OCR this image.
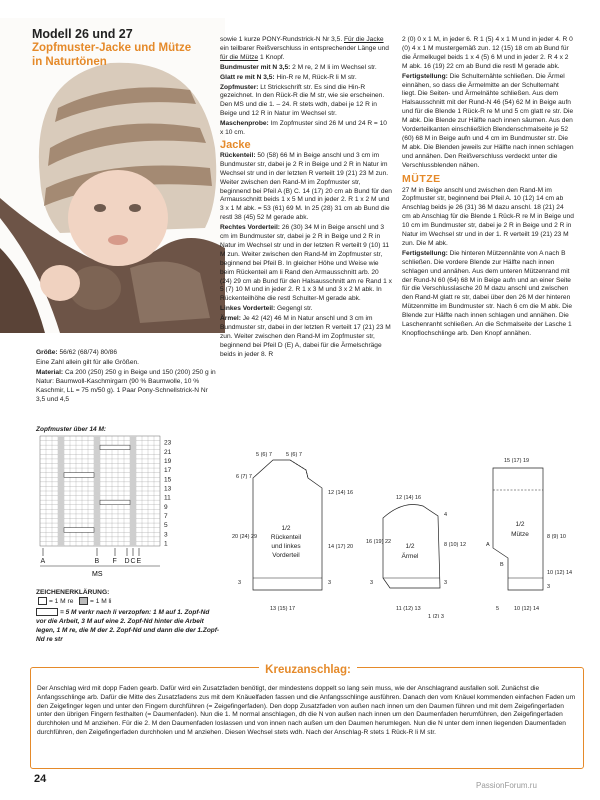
Modell 26 und 27
Zopfmuster-Jacke und Mütze in Naturtönen

Größe: 56/62 (68/74) 80/86

Eine Zahl allein gilt für alle Größen.

Material: Ca 200 (250) 250 g in Beige und 150 (200) 250 g in Natur: Baumwoll-Kaschmirgarn (90 % Baumwolle, 10 % Kaschmir, LL = 75 m/50 g). 1 Paar Pony-Schnellstrick-N Nr 3,5 und 4,5

Zopfmuster über 14 M:
23
21
19
17
15
13
11
9
7
5
3
1
A	B F D C E
MS
ZEICHENERKLÄRUNG:
= 1 M re	= 1 M li
= 5 M verkr nach li verzopfen: 1 M auf 1. Zopf-Nd vor die Arbeit, 3 M auf eine 2. Zopf-Nd hinter die Arbeit legen, 1 M re, die M der 2. Zopf-Nd und dann die der 1.Zopf-Nd re str

sowie 1 kurze PONY-Rundstrick-N Nr 3,5. Für die Jacke ein teilbarer Reißverschluss in entsprechender Länge und für die Mütze 1 Knopf.

Bundmuster mit N 3,5: 2 M re, 2 M li im Wechsel str.

Glatt re mit N 3,5: Hin-R re M, Rück-R li M str.

Zopfmuster: Lt Strickschrift str. Es sind die Hin-R gezeichnet. In den Rück-R die M str, wie sie erscheinen. Den MS und die 1. – 24. R stets wdh, dabei je 12 R in Beige und 12 R in Natur im Wechsel str.

Maschenprobe: Im Zopfmuster sind 26 M und 24 R = 10 x 10 cm.

Jacke

Rückenteil: 50 (58) 66 M in Beige anschl und 3 cm im Bundmuster str, dabei je 2 R in Beige und 2 R in Natur im Wechsel str und in der letzten R verteilt 19 (21) 23 M zun. Weiter zwischen den Rand-M im Zopfmuster str, beginnend bei Pfeil A (B) C. 14 (17) 20 cm ab Bund für den Armausschnitt beids 1 x 5 M und in jeder 2. R 1 x 2 M und 3 x 1 M abk. = 53 (61) 69 M. In 25 (28) 31 cm ab Bund die restl 38 (45) 52 M gerade abk.

Rechtes Vorderteil: 26 (30) 34 M in Beige anschl und 3 cm im Bundmuster str, dabei je 2 R in Beige und 2 R in Natur im Wechsel str und in der letzten R verteilt 9 (10) 11 M zun. Weiter zwischen den Rand-M im Zopfmuster str, beginnend bei Pfeil B. In gleicher Höhe und Weise wie beim Rückenteil am li Rand den Armausschnitt arb. 20 (24) 29 cm ab Bund für den Halsausschnitt am re Rand 1 x 5 (7) 10 M und in jeder 2. R 1 x 3 M und 3 x 2 M abk. In Rückenteilhöhe die restl Schulter-M gerade abk.

Linkes Vorderteil: Gegengl str.

Ärmel: Je 42 (42) 46 M in Natur anschl und 3 cm im Bundmuster str, dabei in der letzten R verteilt 17 (21) 23 M zun. Weiter zwischen den Rand-M im Zopfmuster str, beginnend bei Pfeil D (E) A, dabei für die Ärmelschräge beids in jeder 8. R

2 (0) 0 x 1 M, in jeder 6. R 1 (5) 4 x 1 M und in jeder 4. R 0 (0) 4 x 1 M mustergemäß zun. 12 (15) 18 cm ab Bund für die Ärmelkugel beids 1 x 4 (5) 6 M und in jeder 2. R 4 x 2 M abk. 16 (19) 22 cm ab Bund die restl M gerade abk.

Fertigstellung: Die Schulternähte schließen. Die Ärmel einnähen, so dass die Ärmelmitte an der Schulternaht liegt. Die Seiten- und Ärmelnähte schließen. Aus dem Halsausschnitt mit der Rund-N 46 (54) 62 M in Beige aufn und für die Blende 1 Rück-R re M und 5 cm glatt re str. Die M abk. Die Blende zur Hälfte nach innen säumen. Aus den Vorderteilkanten einschließlich Blendenschmalseite je 52 (60) 68 M in Beige aufn und 4 cm im Bundmuster str. Die M abk. Die Blenden jeweils zur Hälfte nach innen schlagen und annähen. Den Reißverschluss verdeckt unter die Verschlussblenden nähen.

MÜTZE

27 M in Beige anschl und zwischen den Rand-M im Zopfmuster str, beginnend bei Pfeil A. 10 (12) 14 cm ab Anschlag beids je 26 (31) 36 M dazu anschl. 18 (21) 24 cm ab Anschlag für die Blende 1 Rück-R re M in Beige und 10 cm im Bundmuster str, dabei je 2 R in Beige und 2 R in Natur im Wechsel str und in der 1. R verteilt 19 (21) 23 M zun. Die M abk.

Fertigstellung: Die hinteren Mützennähte von A nach B schließen. Die vordere Blende zur Hälfte nach innen schlagen und annähen. Aus dem unteren Mützenrand mit der Rund-N 60 (64) 68 M in Beige aufn und an einer Seite für die Verschlusslasche 20 M dazu anschl und zwischen den Rand-M glatt re str, dabei über den 26 M der hinteren Mützenmitte im Bundmuster str. Nach 6 cm die M abk. Die Blende zur Hälfte nach innen schlagen und annähen. Die Laschenranht schließen. An die Schmalseite der Lasche 1 Knopflochschlinge arb. Den Knopf annähen.

5 (6) 7	5 (6) 7
6 (7) 7
20 (24) 29
3
12 (14) 16
14 (17) 20
3
1/2
Rückenteil
und linkes
Vorderteil
13 (15) 17
12 (14) 16
16 (19) 22
3
4
8 (10) 12
3
1/2
Ärmel
11 (12) 13
1 (2) 3
15 (17) 19
A
B
8 (9) 10
10 (12) 14
3
1/2
Mütze
5	10 (12) 14
Kreuzanschlag:
Der Anschlag wird mit dopp Faden gearb. Dafür wird ein Zusatzfaden benötigt, der mindestens doppelt so lang sein muss, wie der Anschlagrand ausfallen soll. Zunächst die Anfangsschlinge arb. Dafür die Mitte des Zusatzfadens zus mit dem Knäuelfaden fassen und die Anfangsschlinge ausführen. Danach den vom Knäuel kommenden einfachen Faden um den Zeigefinger legen und unter den Fingern durchführen (= Zeigefingerfaden). Den dopp Zusatzfaden von außen nach innen um den Daumen führen und mit dem Zeigefingerfaden unter den übrigen Fingern festhalten (= Daumenfaden). Nun die 1. M normal anschlagen, dh die N von außen nach innen um den Daumenfaden herumführen, den Zeigefingerfaden durchholen und M anziehen. Für die 2. M den Daumenfaden loslassen und von innen nach außen um den Daumen herumlegen. Nun die N unter dem innen liegenden Daumenfaden durchführen, den Zeigefingerfaden durchholen und M anziehen. Diesen Wechsel stets wdh. Nach der Anschlag-R stets 1 Rück-R li M str.
24
PassionForum.ru
